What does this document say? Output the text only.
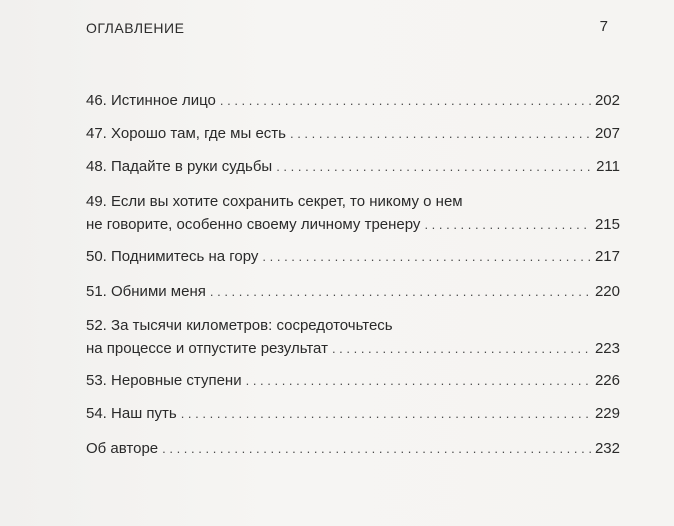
ОГЛАВЛЕНИЕ	7
46. Истинное лицо . . .	202
47. Хорошо там, где мы есть . . .	207
48. Падайте в руки судьбы . . .	211
49. Если вы хотите сохранить секрет, то никому о нем
не говорите, особенно своему личному тренеру . . .	215
50. Поднимитесь на гору . . .	217
51. Обними меня . . .	220
52. За тысячи километров: сосредоточьтесь
на процессе и отпустите результат . . .	223
53. Неровные ступени . . .	226
54. Наш путь . . .	229
Об авторе . . .	232
